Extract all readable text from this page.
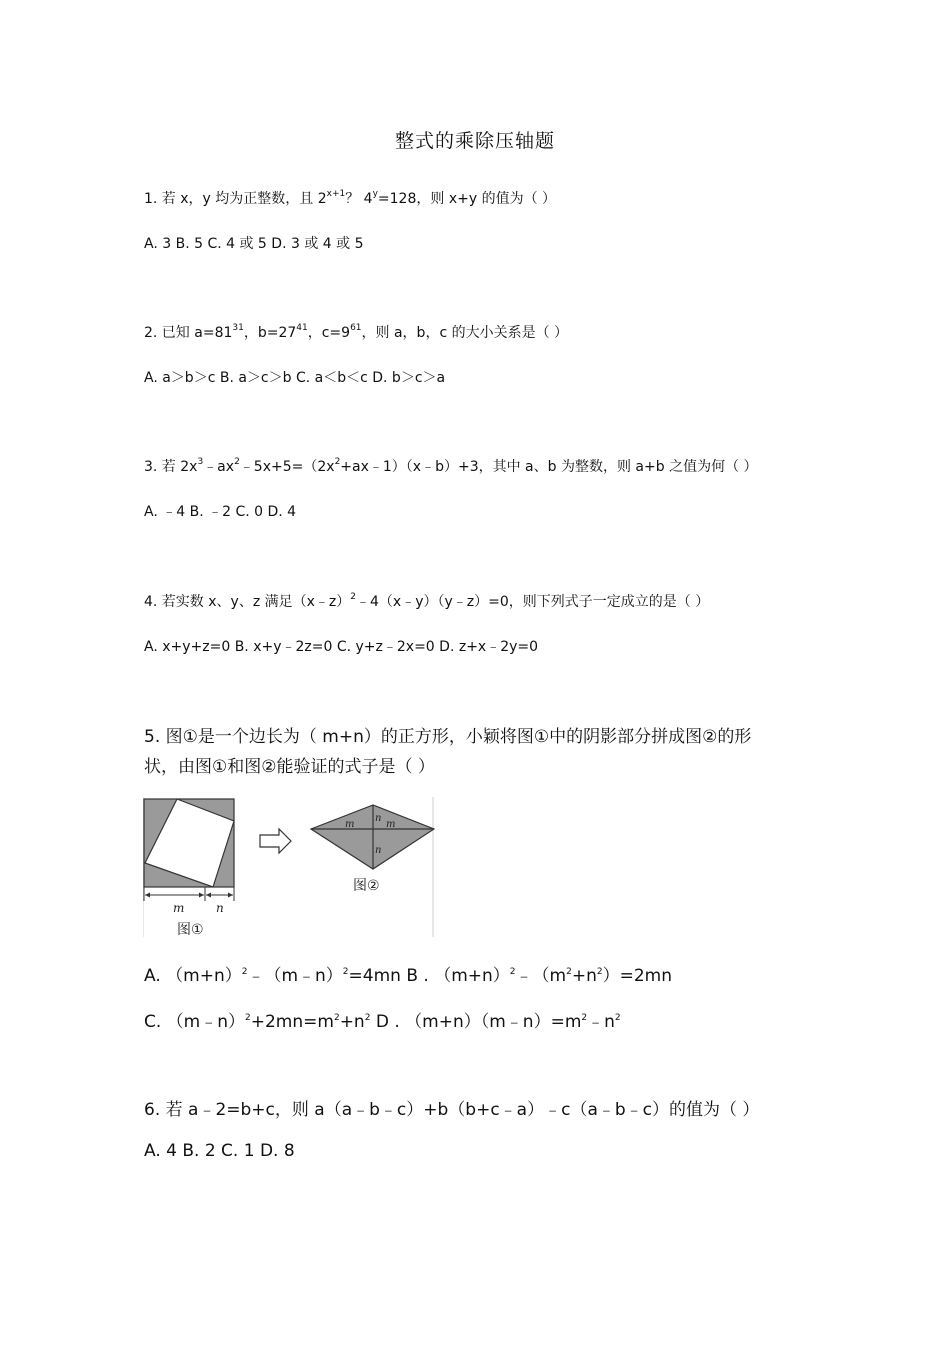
整式的乘除压轴题
1. 若 x，y 均为正整数，且 $2^{x+1}$？ $4^y=128$，则 x+y 的值为（ ）
A. 3 B. 5 C. 4 或 5 D. 3 或 4 或 5
2. 已知 $a=81^{31}$，$b=27^{41}$，$c=9^{61}$，则 a，b，c 的大小关系是（ ）
A. a＞b＞c B. a＞c＞b C. a＜b＜c D. b＞c＞a
3. 若 $2x^3﹣ax^2﹣5x+5=(2x^2+ax﹣1)(x﹣b)+3$，其中 a、b 为整数，则 a+b 之值为何（ ）
A. ﹣4 B. ﹣2 C. 0 D. 4
4. 若实数 x、y、z 满足（x﹣z）$^2$﹣4（x﹣y）（y﹣z）=0，则下列式子一定成立的是（ ）
A. x+y+z=0 B. x+y﹣2z=0 C. y+z﹣2x=0 D. z+x﹣2y=0
5. 图①是一个边长为（ m+n）的正方形，小颖将图①中的阴影部分拼成图②的形
状，由图①和图②能验证的式子是（ ）
m	n
图①
m
n
m
n
图②
A. $(m+n)^2﹣(m﹣n)^2=4mn$ B . $(m+n)^2﹣(m^2+n^2)=2mn$
C. $(m﹣n)^2+2mn=m^2+n^2$ D . $(m+n)(m﹣n)=m^2﹣n^2$
6. 若 a﹣2=b+c，则 a（a﹣b﹣c）+b（b+c﹣a）﹣c（a﹣b﹣c）的值为（ ）
A. 4 B. 2 C. 1 D. 8
